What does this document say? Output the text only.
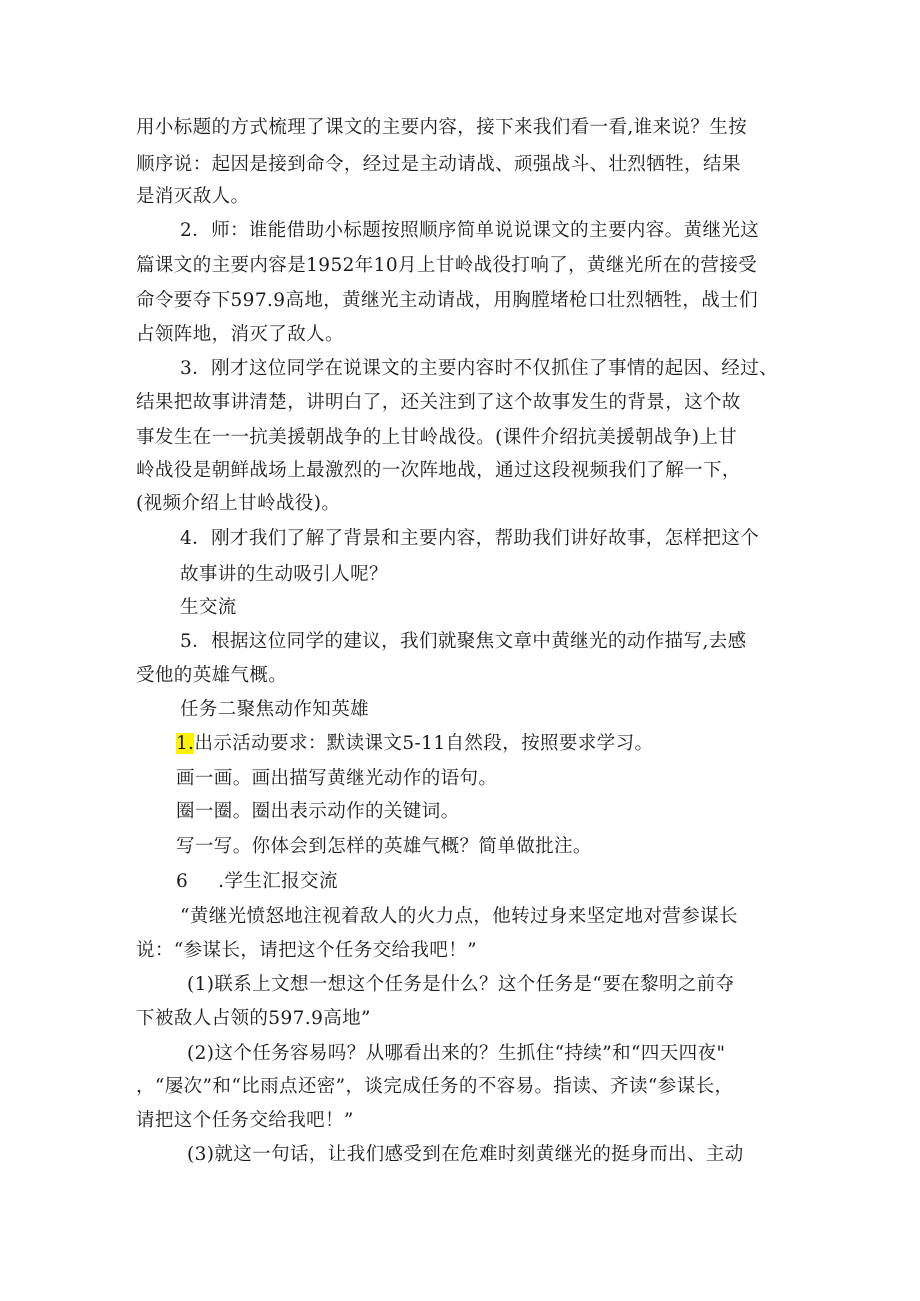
用小标题的方式梳理了课文的主要内容，接下来我们看一看,谁来说？生按
顺序说：起因是接到命令，经过是主动请战、顽强战斗、壮烈牺牲，结果
是消灭敌人。
2．师：谁能借助小标题按照顺序简单说说课文的主要内容。黄继光这
篇课文的主要内容是1952年10月上甘岭战役打响了，黄继光所在的营接受
命令要夺下597.9高地，黄继光主动请战，用胸膛堵枪口壮烈牺牲，战士们
占领阵地，消灭了敌人。
3．刚才这位同学在说课文的主要内容时不仅抓住了事情的起因、经过、
结果把故事讲清楚，讲明白了，还关注到了这个故事发生的背景，这个故
事发生在一一抗美援朝战争的上甘岭战役。(课件介绍抗美援朝战争)上甘
岭战役是朝鲜战场上最激烈的一次阵地战，通过这段视频我们了解一下，
(视频介绍上甘岭战役)。
4．刚才我们了解了背景和主要内容，帮助我们讲好故事，怎样把这个
故事讲的生动吸引人呢？
生交流
5．根据这位同学的建议，我们就聚焦文章中黄继光的动作描写,去感
受他的英雄气概。
任务二聚焦动作知英雄
1.出示活动要求：默读课文5-11自然段，按照要求学习。
画一画。画出描写黄继光动作的语句。
圈一圈。圈出表示动作的关键词。
写一写。你体会到怎样的英雄气概？简单做批注。
6 .学生汇报交流
“黄继光愤怒地注视着敌人的火力点，他转过身来坚定地对营参谋长
说：“参谋长，请把这个任务交给我吧！”
(1)联系上文想一想这个任务是什么？这个任务是“要在黎明之前夺
下被敌人占领的597.9高地”
(2)这个任务容易吗？从哪看出来的？生抓住“持续”和“四天四夜"
，“屡次”和“比雨点还密”，谈完成任务的不容易。指读、齐读“参谋长，
请把这个任务交给我吧！”
(3)就这一句话，让我们感受到在危难时刻黄继光的挺身而出、主动
